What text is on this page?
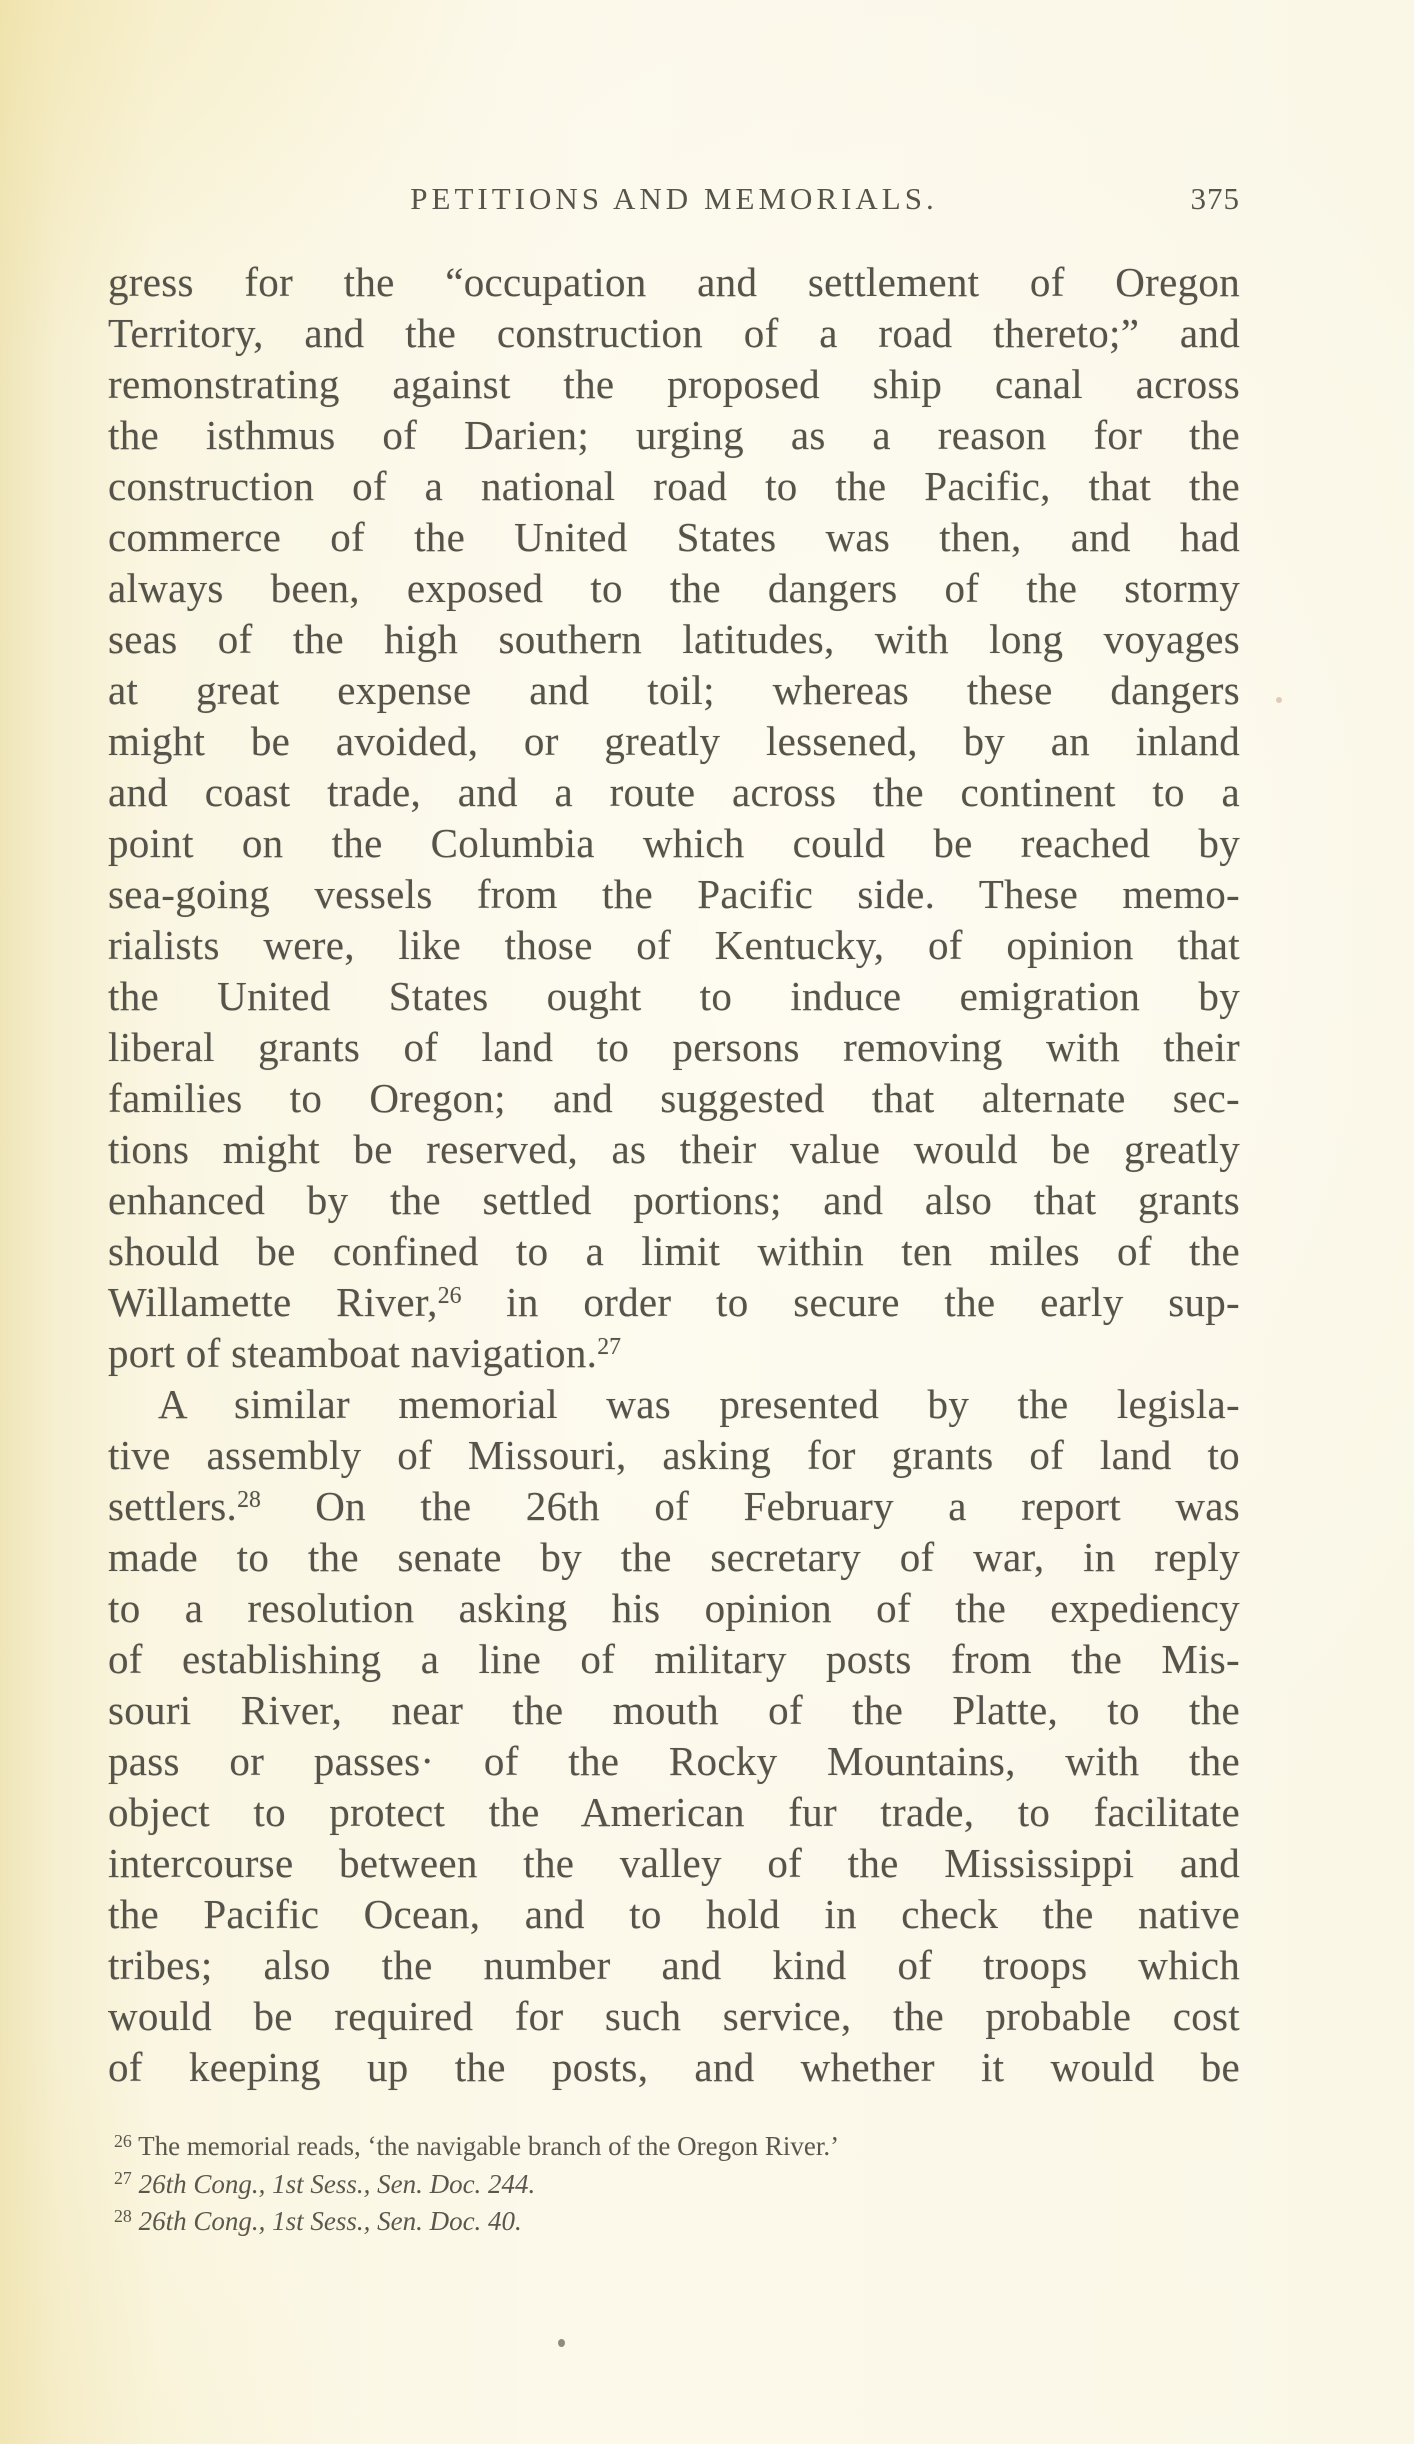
PETITIONS AND MEMORIALS.	375
gress for the “occupation and settlement of Oregon
Territory, and the construction of a road thereto;” and
remonstrating against the proposed ship canal across
the isthmus of Darien; urging as a reason for the
construction of a national road to the Pacific, that the
commerce of the United States was then, and had
always been, exposed to the dangers of the stormy
seas of the high southern latitudes, with long voyages
at great expense and toil; whereas these dangers
might be avoided, or greatly lessened, by an inland
and coast trade, and a route across the continent to a
point on the Columbia which could be reached by
sea-going vessels from the Pacific side. These memo-
rialists were, like those of Kentucky, of opinion that
the United States ought to induce emigration by
liberal grants of land to persons removing with their
families to Oregon; and suggested that alternate sec-
tions might be reserved, as their value would be greatly
enhanced by the settled portions; and also that grants
should be confined to a limit within ten miles of the
Willamette River,$^{26}$ in order to secure the early sup-
port of steamboat navigation.$^{27}$
A similar memorial was presented by the legisla-
tive assembly of Missouri, asking for grants of land to
settlers.$^{28}$ On the 26th of February a report was
made to the senate by the secretary of war, in reply
to a resolution asking his opinion of the expediency
of establishing a line of military posts from the Mis-
souri River, near the mouth of the Platte, to the
pass or passes· of the Rocky Mountains, with the
object to protect the American fur trade, to facilitate
intercourse between the valley of the Mississippi and
the Pacific Ocean, and to hold in check the native
tribes; also the number and kind of troops which
would be required for such service, the probable cost
of keeping up the posts, and whether it would be
$^{26}$ The memorial reads, ‘the navigable branch of the Oregon River.’
$^{27}$ 26th Cong., 1st Sess., Sen. Doc. 244.
$^{28}$ 26th Cong., 1st Sess., Sen. Doc. 40.
